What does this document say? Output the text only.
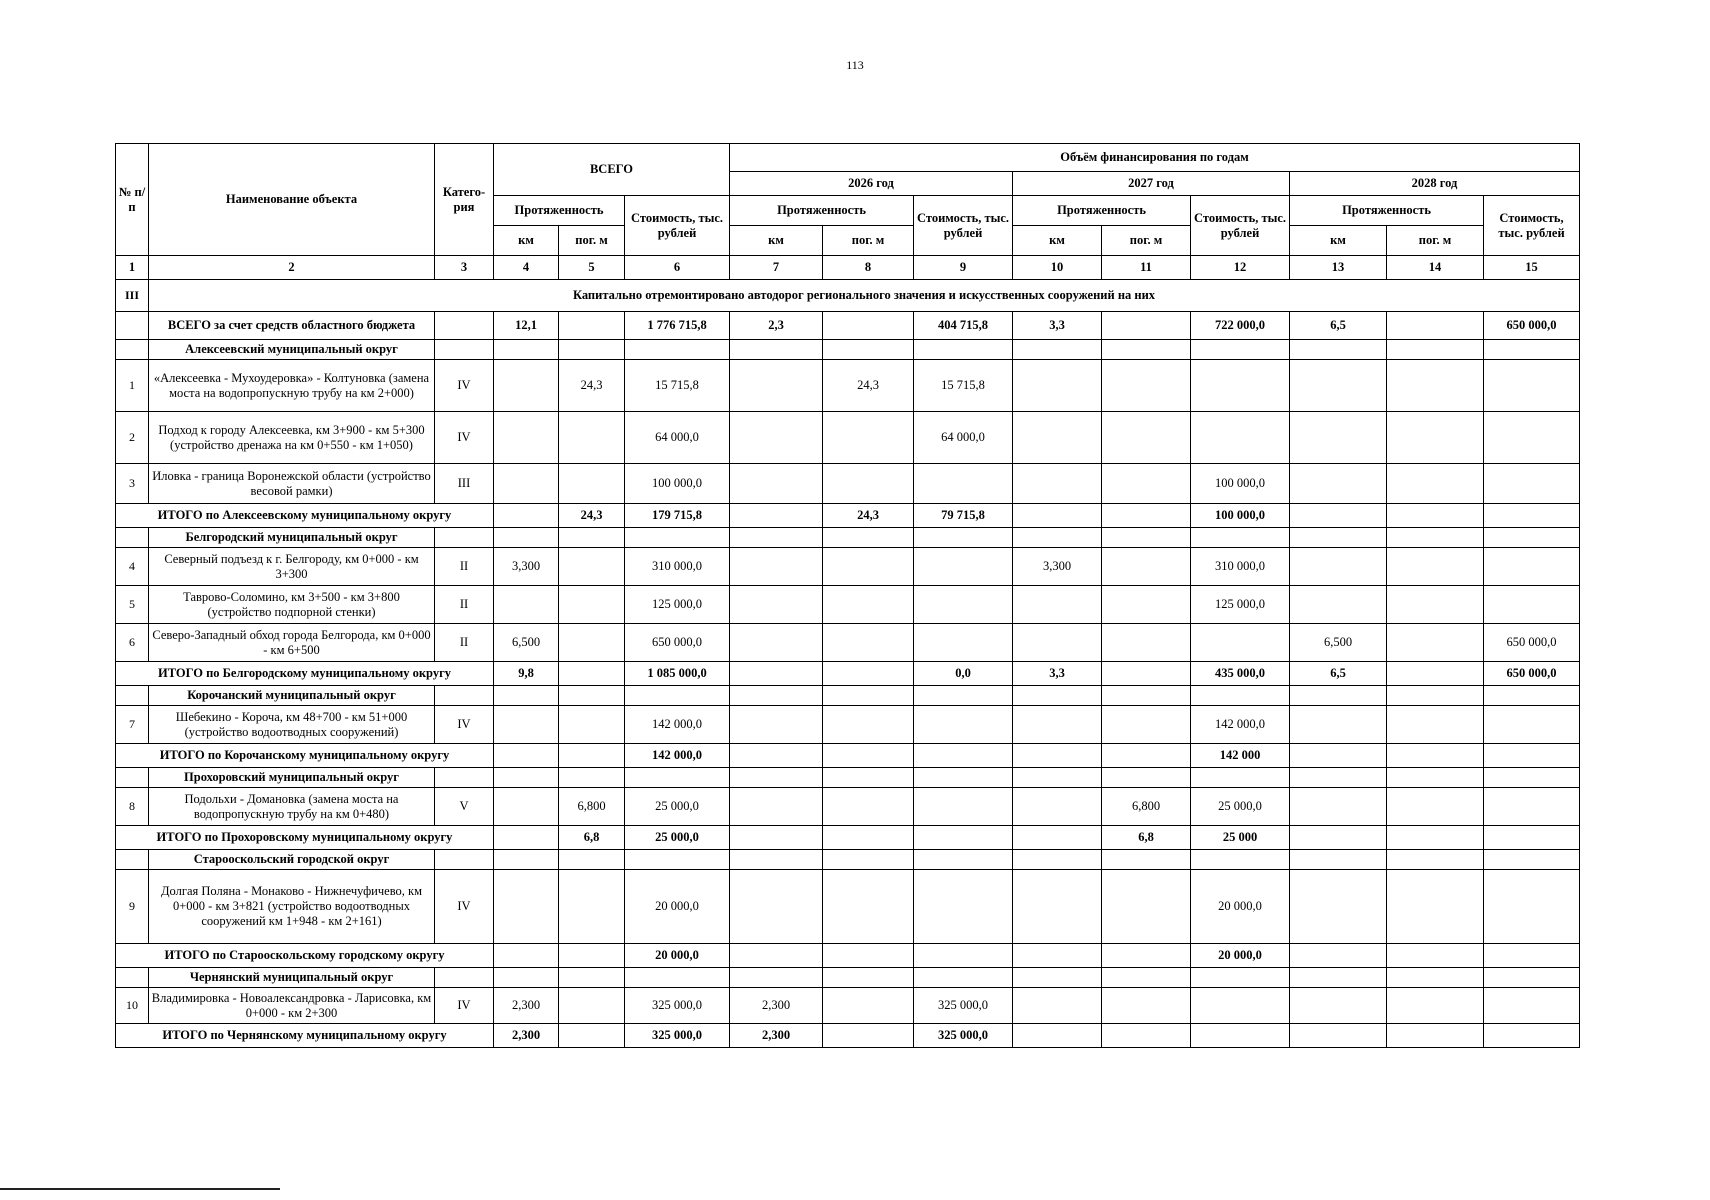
113
№ п/п	Наименование объекта	Катего-рия	ВСЕГО			Объём финансирования по годам								
						2026 год			2027 год			2028 год		
			Протяженность		Стоимость, тыс. рублей	Протяженность		Стоимость, тыс. рублей	Протяженность		Стоимость, тыс. рублей	Протяженность		Стоимость, тыс. рублей
			км	пог. м		км	пог. м		км	пог. м		км	пог. м	
1	2	3	4	5	6	7	8	9	10	11	12	13	14	15
III	Капитально отремонтировано автодорог регионального значения и искусственных сооружений на них													
	ВСЕГО за счет средств областного бюджета		12,1		1 776 715,8	2,3		404 715,8	3,3		722 000,0	6,5		650 000,0
	Алексеевский муниципальный округ													
1	«Алексеевка - Мухоудеровка» - Колтуновка (замена моста на водопропускную трубу на км 2+000)	IV		24,3	15 715,8		24,3	15 715,8						
2	Подход к городу Алексеевка, км 3+900 - км 5+300 (устройство дренажа на км 0+550 - км 1+050)	IV			64 000,0			64 000,0						
3	Иловка - граница Воронежской области (устройство весовой рамки)	III			100 000,0						100 000,0			
ИТОГО по Алексеевскому муниципальному округу				24,3	179 715,8		24,3	79 715,8			100 000,0			
	Белгородский муниципальный округ													
4	Северный подъезд к г. Белгороду, км 0+000 - км 3+300	II	3,300		310 000,0				3,300		310 000,0			
5	Таврово-Соломино, км 3+500 - км 3+800 (устройство подпорной стенки)	II			125 000,0						125 000,0			
6	Северо-Западный обход города Белгорода, км 0+000 - км 6+500	II	6,500		650 000,0							6,500		650 000,0
ИТОГО по Белгородскому муниципальному округу			9,8		1 085 000,0			0,0	3,3		435 000,0	6,5		650 000,0
	Корочанский муниципальный округ													
7	Шебекино - Короча, км 48+700 - км 51+000 (устройство водоотводных сооружений)	IV			142 000,0						142 000,0			
ИТОГО по Корочанскому муниципальному округу					142 000,0						142 000			
	Прохоровский муниципальный округ													
8	Подольхи - Домановка (замена моста на водопропускную трубу на км 0+480)	V		6,800	25 000,0					6,800	25 000,0			
ИТОГО по Прохоровскому муниципальному округу				6,8	25 000,0					6,8	25 000			
	Старооскольский городской округ													
9	Долгая Поляна - Монаково - Нижнечуфичево, км 0+000 - км 3+821 (устройство водоотводных сооружений км 1+948 - км 2+161)	IV			20 000,0						20 000,0			
ИТОГО по Старооскольскому городскому округу					20 000,0						20 000,0			
	Чернянский муниципальный округ													
10	Владимировка - Новоалександровка - Ларисовка, км 0+000 - км 2+300	IV	2,300		325 000,0	2,300		325 000,0						
ИТОГО по Чернянскому муниципальному округу			2,300		325 000,0	2,300		325 000,0						
